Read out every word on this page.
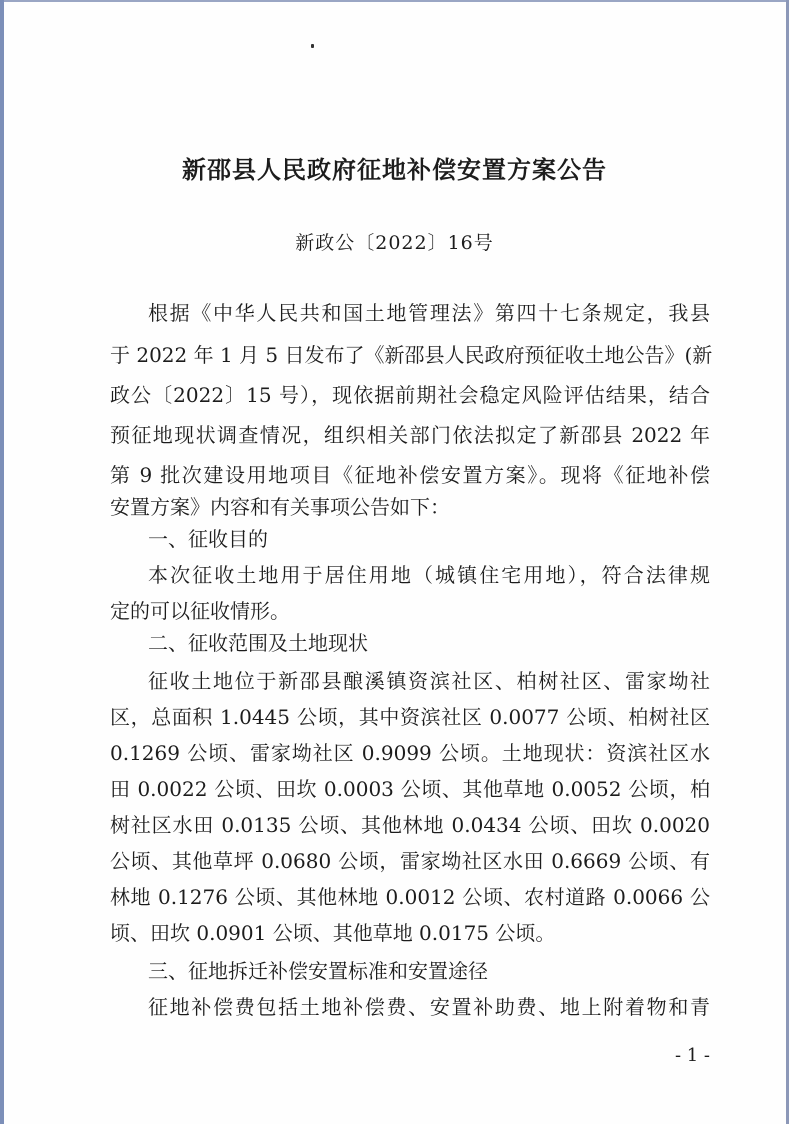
新邵县人民政府征地补偿安置方案公告
新政公〔2022〕16号
根据《中华人民共和国土地管理法》第四十七条规定，我县
于 2022 年 1 月 5 日发布了《新邵县人民政府预征收土地公告》(新
政公〔2022〕15 号），现依据前期社会稳定风险评估结果，结合
预征地现状调查情况，组织相关部门依法拟定了新邵县 2022 年
第 9 批次建设用地项目《征地补偿安置方案》。现将《征地补偿
安置方案》内容和有关事项公告如下：
一、征收目的
本次征收土地用于居住用地（城镇住宅用地），符合法律规
定的可以征收情形。
二、征收范围及土地现状
征收土地位于新邵县酿溪镇资滨社区、柏树社区、雷家坳社
区，总面积 1.0445 公顷，其中资滨社区 0.0077 公顷、柏树社区
0.1269 公顷、雷家坳社区 0.9099 公顷。土地现状：资滨社区水
田 0.0022 公顷、田坎 0.0003 公顷、其他草地 0.0052 公顷，柏
树社区水田 0.0135 公顷、其他林地 0.0434 公顷、田坎 0.0020
公顷、其他草坪 0.0680 公顷，雷家坳社区水田 0.6669 公顷、有
林地 0.1276 公顷、其他林地 0.0012 公顷、农村道路 0.0066 公
顷、田坎 0.0901 公顷、其他草地 0.0175 公顷。
三、征地拆迁补偿安置标准和安置途径
征地补偿费包括土地补偿费、安置补助费、地上附着物和青
- 1 -
